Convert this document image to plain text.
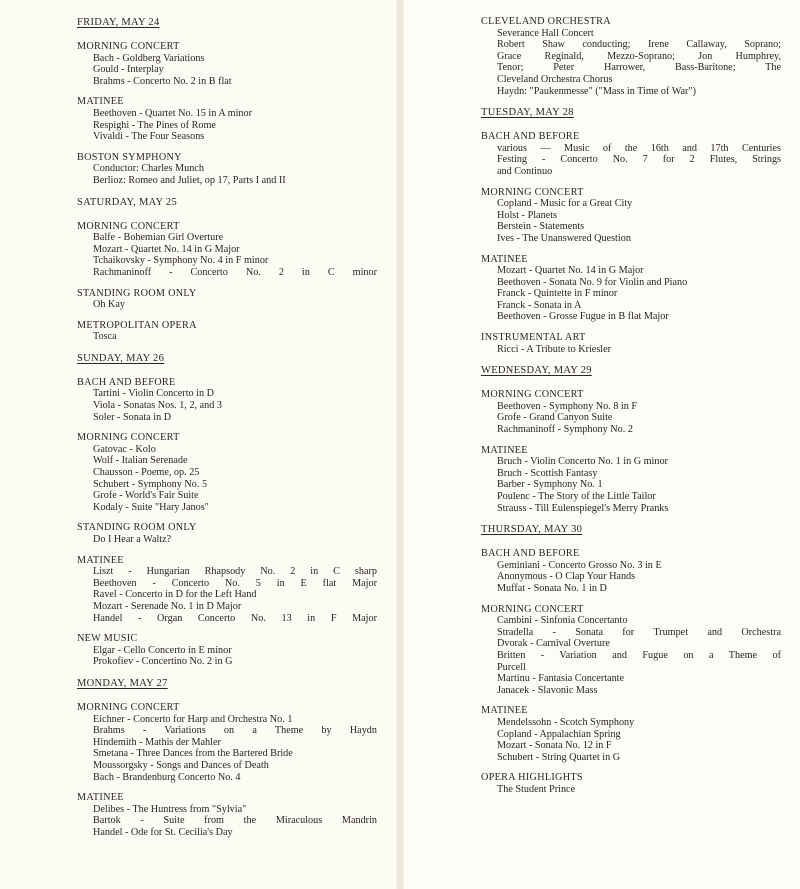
FRIDAY, MAY 24
MORNING CONCERT
Bach - Goldberg Variations
Gould - Interplay
Brahms - Concerto No. 2 in B flat
MATINEE
Beethoven - Quartet No. 15 in A minor
Respighi - The Pines of Rome
Vivaldi - The Four Seasons
BOSTON SYMPHONY
Conductor: Charles Munch
Berlioz: Romeo and Juliet, op 17, Parts I and II
SATURDAY, MAY 25
MORNING CONCERT
Balfe - Bohemian Girl Overture
Mozart - Quartet No. 14 in G Major
Tchaikovsky - Symphony No. 4 in F minor
Rachmaninoff - Concerto No. 2 in C minor
STANDING ROOM ONLY
Oh Kay
METROPOLITAN OPERA
Tosca
SUNDAY, MAY 26
BACH AND BEFORE
Tartini - Violin Concerto in D
Viola - Sonatas Nos. 1, 2, and 3
Soler - Sonata in D
MORNING CONCERT
Gatovac - Kolo
Wolf - Italian Serenade
Chausson - Poeme, op. 25
Schubert - Symphony No. 5
Grofe - World's Fair Suite
Kodaly - Suite "Hary Janos"
STANDING ROOM ONLY
Do I Hear a Waltz?
MATINEE
Liszt - Hungarian Rhapsody No. 2 in C sharp
Beethoven - Concerto No. 5 in E flat Major
Ravel - Concerto in D for the Left Hand
Mozart - Serenade No. 1 in D Major
Handel - Organ Concerto No. 13 in F Major
NEW MUSIC
Elgar - Cello Concerto in E minor
Prokofiev - Concertino No. 2 in G
MONDAY, MAY 27
MORNING CONCERT
Eichner - Concerto for Harp and Orchestra No. 1
Brahms - Variations on a Theme by Haydn
Hindemith - Mathis der Mahler
Smetana - Three Dances from the Bartered Bride
Moussorgsky - Songs and Dances of Death
Bach - Brandenburg Concerto No. 4
MATINEE
Delibes - The Huntress from "Sylvia"
Bartok - Suite from the Miraculous Mandrin
Handel - Ode for St. Cecilia's Day
CLEVELAND ORCHESTRA
Severance Hall Concert
Robert Shaw conducting; Irene Callaway, Soprano;
Grace Reginald, Mezzo-Soprano; Jon Humphrey,
Tenor; Peter Harrower, Bass-Baritone; The
Cleveland Orchestra Chorus
Haydn: "Paukenmesse" ("Mass in Time of War")
TUESDAY, MAY 28
BACH AND BEFORE
various — Music of the 16th and 17th Centuries
Festing - Concerto No. 7 for 2 Flutes, Strings
and Continuo
MORNING CONCERT
Copland - Music for a Great City
Holst - Planets
Berstein - Statements
Ives - The Unanswered Question
MATINEE
Mozart - Quartet No. 14 in G Major
Beethoven - Sonata No. 9 for Violin and Piano
Franck - Quintette in F minor
Franck - Sonata in A
Beethoven - Grosse Fugue in B flat Major
INSTRUMENTAL ART
Ricci - A Tribute to Kriesler
WEDNESDAY, MAY 29
MORNING CONCERT
Beethoven - Symphony No. 8 in F
Grofe - Grand Canyon Suite
Rachmaninoff - Symphony No. 2
MATINEE
Bruch - Violin Concerto No. 1 in G minor
Bruch - Scottish Fantasy
Barber - Symphony No. 1
Poulenc - The Story of the Little Tailor
Strauss - Till Eulenspiegel's Merry Pranks
THURSDAY, MAY 30
BACH AND BEFORE
Geminiani - Concerto Grosso No. 3 in E
Anonymous - O Clap Your Hands
Muffat - Sonata No. 1 in D
MORNING CONCERT
Cambini - Sinfonia Concertanto
Stradella - Sonata for Trumpet and Orchestra
Dvorak - Carnival Overture
Britten - Variation and Fugue on a Theme of
Purcell
Martinu - Fantasia Concertante
Janacek - Slavonic Mass
MATINEE
Mendelssohn - Scotch Symphony
Copland - Appalachian Spring
Mozart - Sonata No. 12 in F
Schubert - String Quartet in G
OPERA HIGHLIGHTS
The Student Prince
